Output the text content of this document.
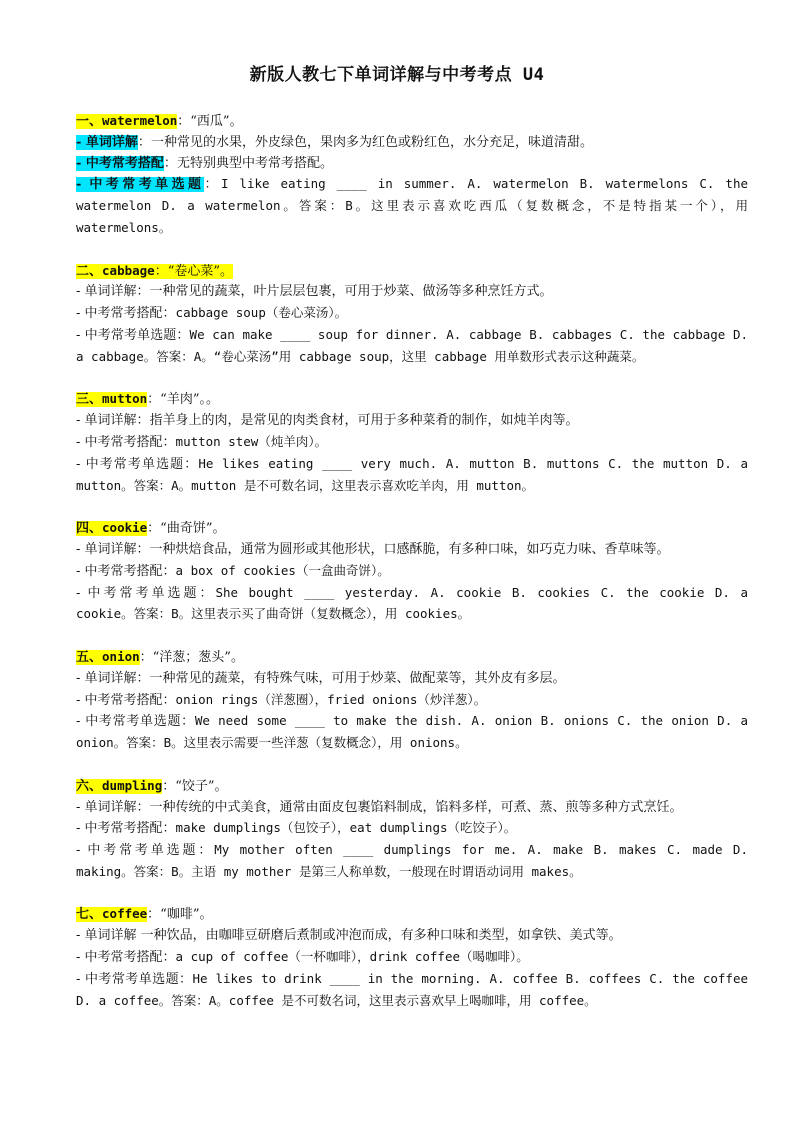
新版人教七下单词详解与中考考点 U4
一、watermelon：“西瓜”。
- 单词详解：一种常见的水果，外皮绿色，果肉多为红色或粉红色，水分充足，味道清甜。
- 中考常考搭配：无特别典型中考常考搭配。
- 中考常考单选题：I like eating ____ in summer. A. watermelon B. watermelons C. the watermelon D. a watermelon。答案：B。这里表示喜欢吃西瓜（复数概念，不是特指某一个），用 watermelons。
二、cabbage：“卷心菜”。
- 单词详解：一种常见的蔬菜，叶片层层包裹，可用于炒菜、做汤等多种烹饪方式。
- 中考常考搭配：cabbage soup（卷心菜汤）。
- 中考常考单选题：We can make ____ soup for dinner. A. cabbage B. cabbages C. the cabbage D. a cabbage。答案：A。“卷心菜汤”用 cabbage soup，这里 cabbage 用单数形式表示这种蔬菜。
三、mutton：“羊肉”。。
- 单词详解：指羊身上的肉，是常见的肉类食材，可用于多种菜肴的制作，如炖羊肉等。
- 中考常考搭配：mutton stew（炖羊肉）。
- 中考常考单选题：He likes eating ____ very much. A. mutton B. muttons C. the mutton D. a mutton。答案：A。mutton 是不可数名词，这里表示喜欢吃羊肉，用 mutton。
四、cookie：“曲奇饼”。
- 单词详解：一种烘焙食品，通常为圆形或其他形状，口感酥脆，有多种口味，如巧克力味、香草味等。
- 中考常考搭配：a box of cookies（一盒曲奇饼）。
- 中考常考单选题：She bought ____ yesterday. A. cookie B. cookies C. the cookie D. a cookie。答案：B。这里表示买了曲奇饼（复数概念），用 cookies。
五、onion：“洋葱；葱头”。
- 单词详解：一种常见的蔬菜，有特殊气味，可用于炒菜、做配菜等，其外皮有多层。
- 中考常考搭配：onion rings（洋葱圈），fried onions（炒洋葱）。
- 中考常考单选题：We need some ____ to make the dish. A. onion B. onions C. the onion D. a onion。答案：B。这里表示需要一些洋葱（复数概念），用 onions。
六、dumpling：“饺子”。
- 单词详解：一种传统的中式美食，通常由面皮包裹馅料制成，馅料多样，可煮、蒸、煎等多种方式烹饪。
- 中考常考搭配：make dumplings（包饺子），eat dumplings（吃饺子）。
- 中考常考单选题：My mother often ____ dumplings for me. A. make B. makes C. made D. making。答案：B。主语 my mother 是第三人称单数，一般现在时谓语动词用 makes。
七、coffee：“咖啡”。
- 单词详解 一种饮品，由咖啡豆研磨后煮制或冲泡而成，有多种口味和类型，如拿铁、美式等。
- 中考常考搭配：a cup of coffee（一杯咖啡），drink coffee（喝咖啡）。
- 中考常考单选题：He likes to drink ____ in the morning. A. coffee B. coffees C. the coffee D. a coffee。答案：A。coffee 是不可数名词，这里表示喜欢早上喝咖啡，用 coffee。
